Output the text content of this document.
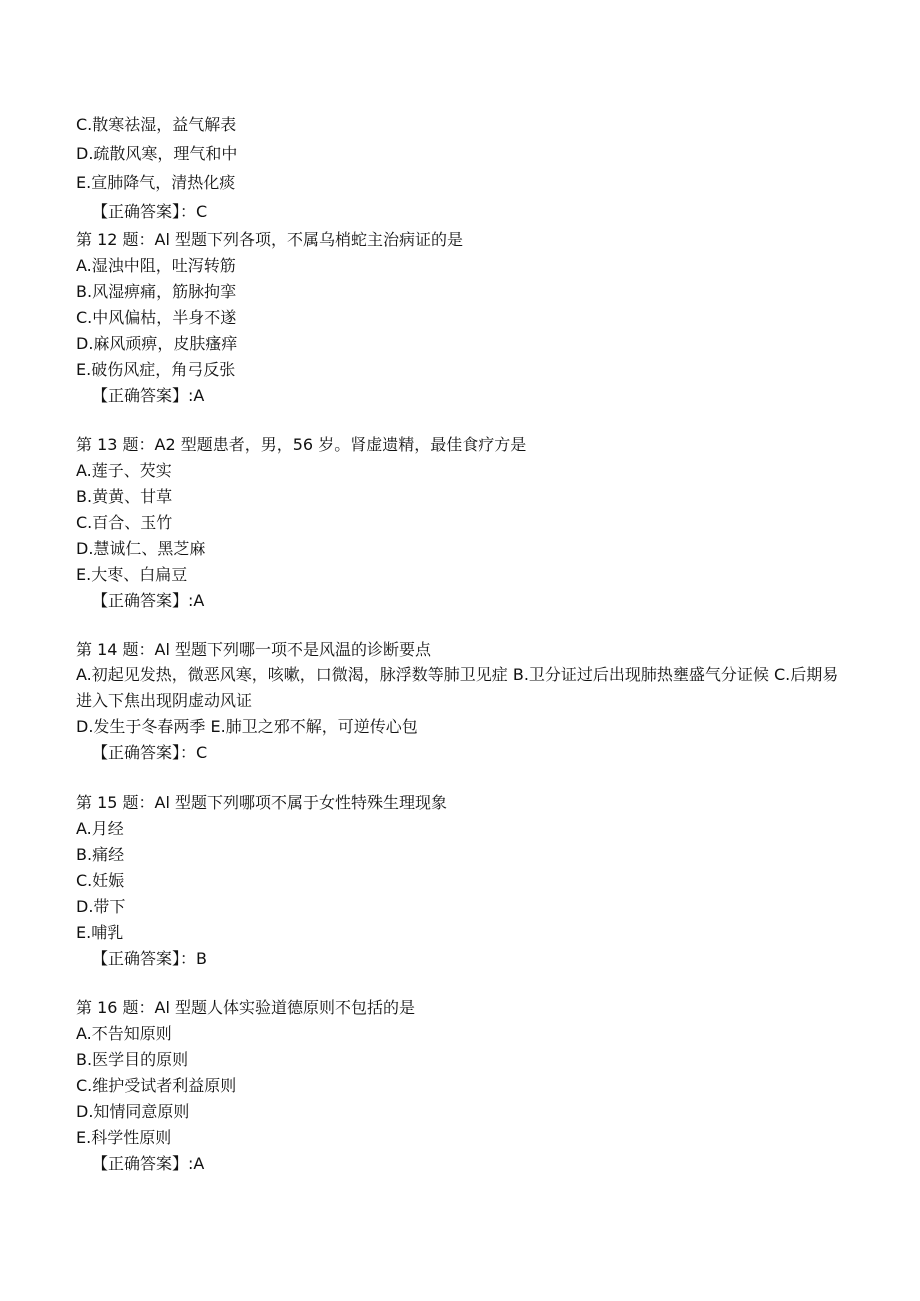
C.散寒祛湿，益气解表
D.疏散风寒，理气和中
E.宣肺降气，清热化痰
【正确答案】：C
第 12 题：Al 型题下列各项，不属乌梢蛇主治病证的是
A.湿浊中阻，吐泻转筋
B.风湿痹痛，筋脉拘挛
C.中风偏枯，半身不遂
D.麻风顽痹，皮肤瘙痒
E.破伤风症，角弓反张
【正确答案】:A
第 13 题：A2 型题患者，男，56 岁。肾虚遗精，最佳食疗方是
A.莲子、芡实
B.黄黄、甘草
C.百合、玉竹
D.慧诚仁、黑芝麻
E.大枣、白扁豆
【正确答案】:A
第 14 题：Al 型题下列哪一项不是风温的诊断要点
A.初起见发热，微恶风寒，咳嗽，口微渴，脉浮数等肺卫见症 B.卫分证过后出现肺热壅盛气分证候 C.后期易进入下焦出现阴虚动风证
D.发生于冬春两季 E.肺卫之邪不解，可逆传心包
【正确答案】：C
第 15 题：Al 型题下列哪项不属于女性特殊生理现象
A.月经
B.痛经
C.妊娠
D.带下
E.哺乳
【正确答案】：B
第 16 题：Al 型题人体实验道德原则不包括的是
A.不告知原则
B.医学目的原则
C.维护受试者利益原则
D.知情同意原则
E.科学性原则
【正确答案】:A
